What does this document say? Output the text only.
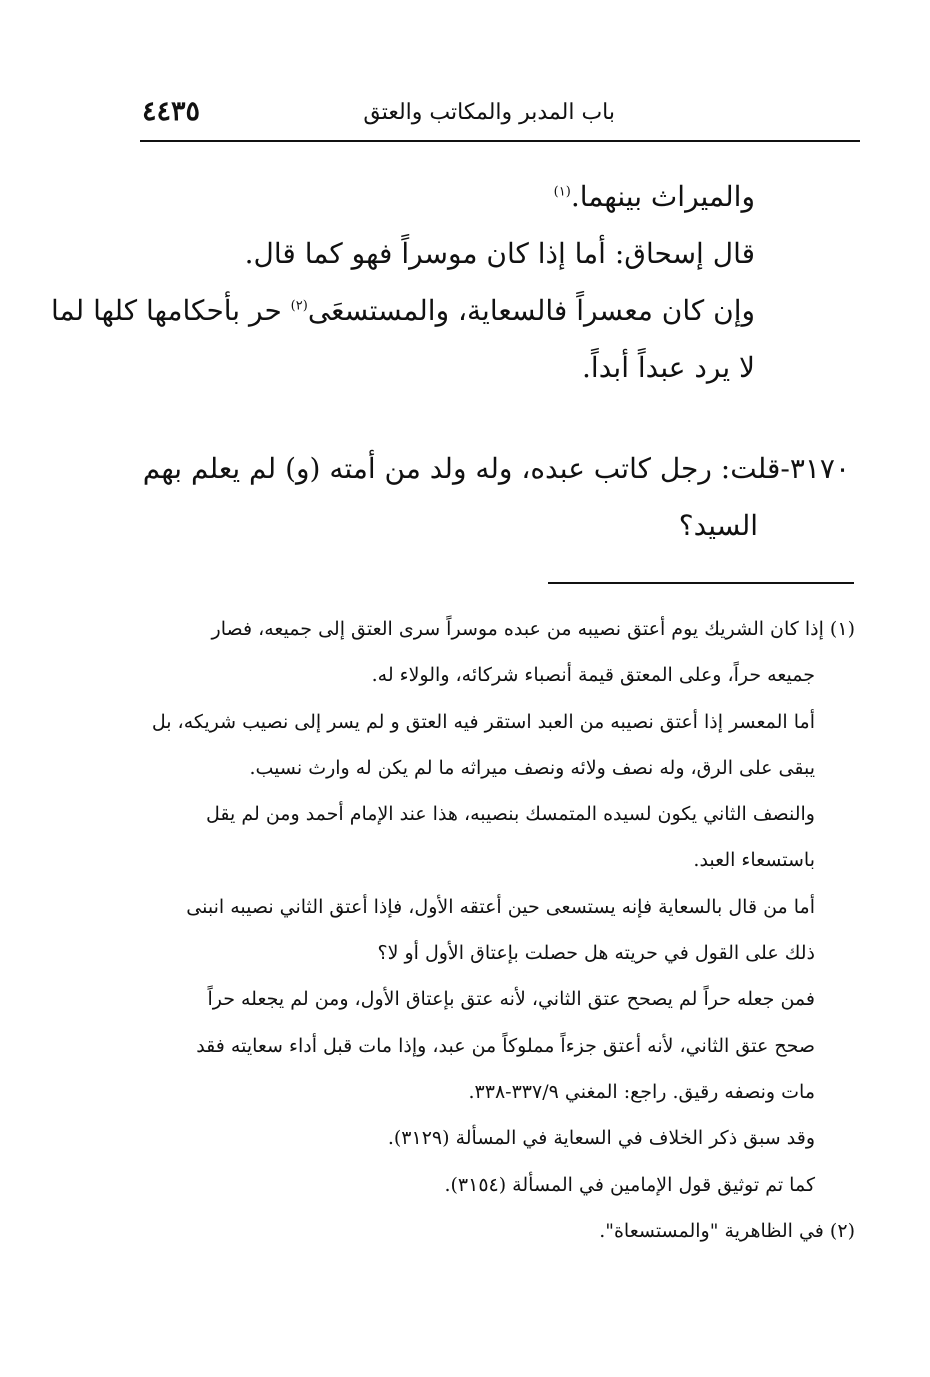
٤٤٣٥	باب المدبر والمكاتب والعتق
والميراث بينهما.$^{(١)}$
قال إسحاق: أما إذا كان موسراً فهو كما قال.
وإن كان معسراً فالسعاية، والمستسعَى$^{(٢)}$ حر بأحكامها كلها لما
لا يرد عبداً أبداً.
٣١٧٠-قلت: رجل كاتب عبده، وله ولد من أمته (و) لم يعلم بهم
السيد؟
(١) إذا كان الشريك يوم أعتق نصيبه من عبده موسراً سرى العتق إلى جميعه، فصار
جميعه حراً، وعلى المعتق قيمة أنصباء شركائه، والولاء له.
أما المعسر إذا أعتق نصيبه من العبد استقر فيه العتق و لم يسر إلى نصيب شريكه، بل
يبقى على الرق، وله نصف ولائه ونصف ميراثه ما لم يكن له وارث نسيب.
والنصف الثاني يكون لسيده المتمسك بنصيبه، هذا عند الإمام أحمد ومن لم يقل
باستسعاء العبد.
أما من قال بالسعاية فإنه يستسعى حين أعتقه الأول، فإذا أعتق الثاني نصيبه انبنى
ذلك على القول في حريته هل حصلت بإعتاق الأول أو لا؟
فمن جعله حراً لم يصحح عتق الثاني، لأنه عتق بإعتاق الأول، ومن لم يجعله حراً
صحح عتق الثاني، لأنه أعتق جزءاً مملوكاً من عبد، وإذا مات قبل أداء سعايته فقد
مات ونصفه رقيق. راجع: المغني ٣٣٧/٩-٣٣٨.
وقد سبق ذكر الخلاف في السعاية في المسألة (٣١٢٩).
كما تم توثيق قول الإمامين في المسألة (٣١٥٤).
(٢) في الظاهرية "والمستسعاة".
